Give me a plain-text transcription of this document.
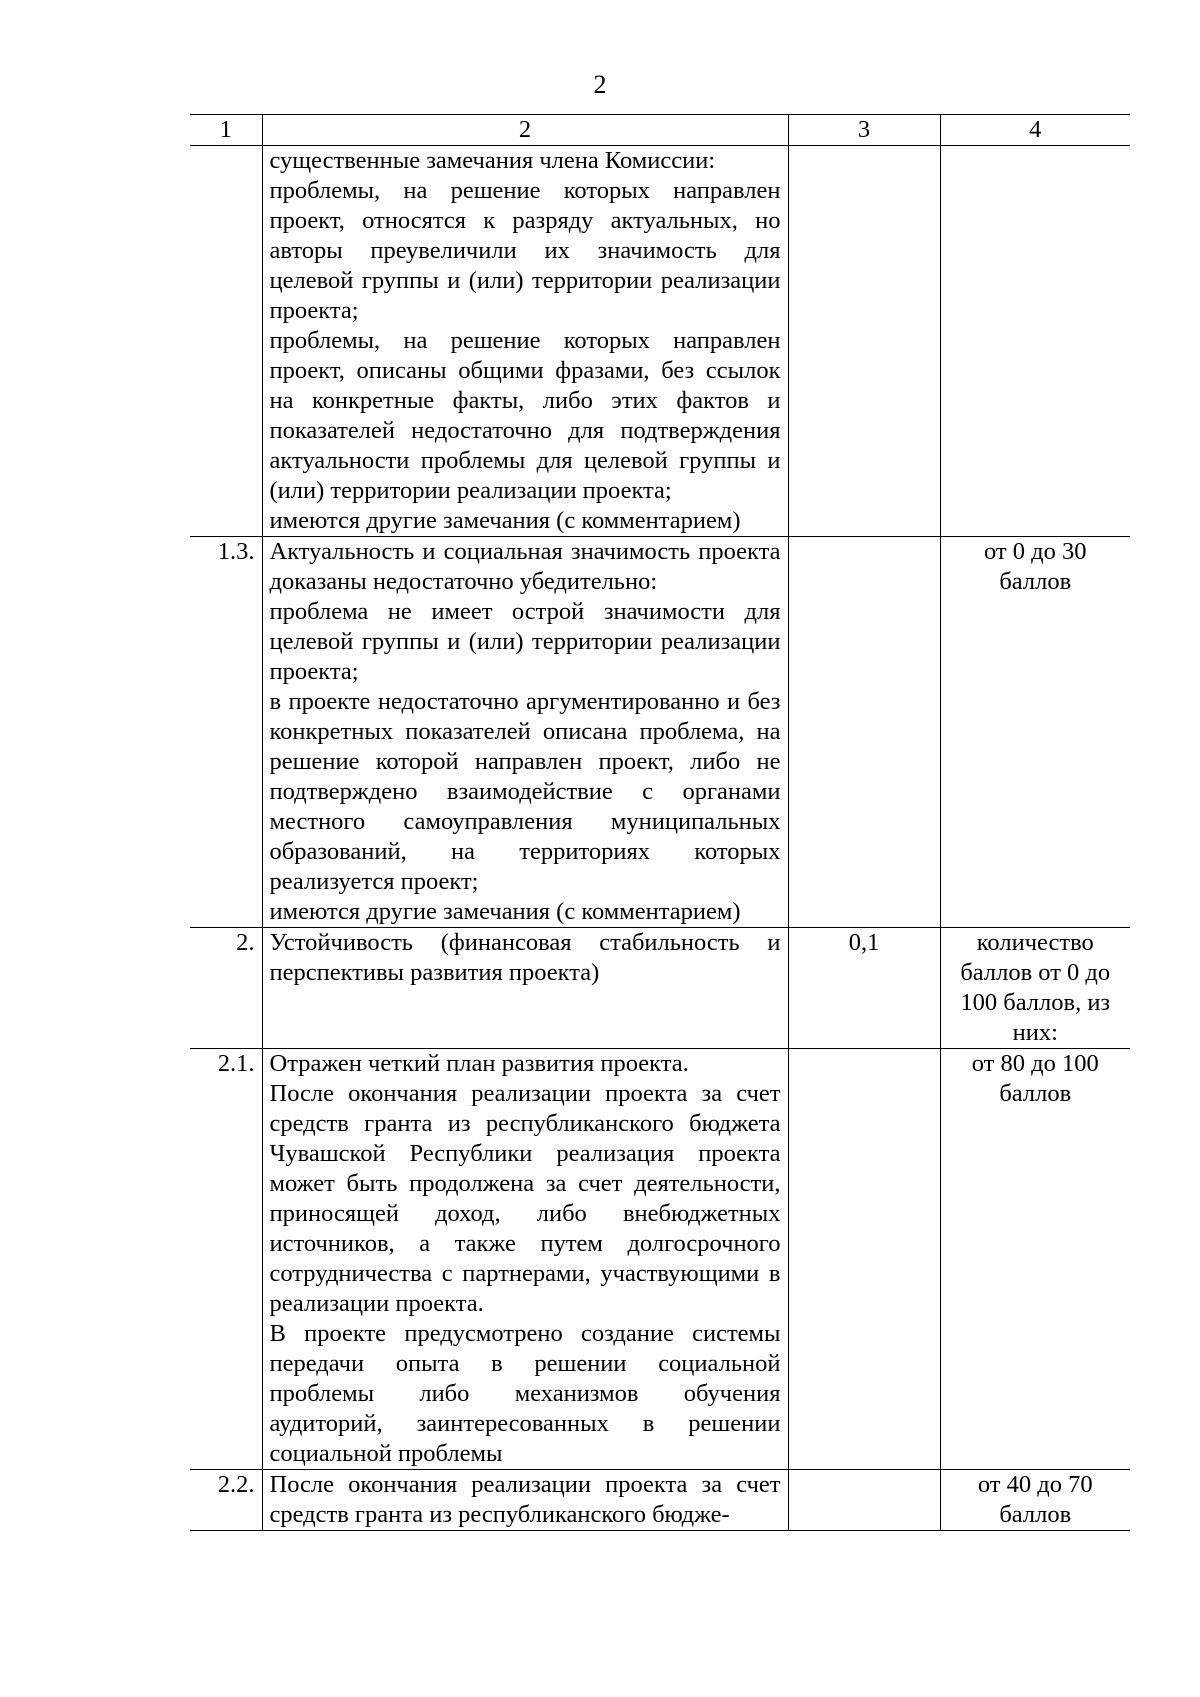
2
1	2	3	4

	существенные замечания члена Комиссии:

проблемы, на решение которых направлен проект, относятся к разряду актуальных, но авторы преувеличили их значимость для целевой группы и (или) территории реализации проекта;

проблемы, на решение которых направлен проект, описаны общими фразами, без ссылок на конкретные факты, либо этих фактов и показателей недостаточно для подтверждения актуальности проблемы для целевой группы и (или) территории реализации проекта;

имеются другие замечания (с комментарием)		

1.3.	Актуальность и социальная значимость проекта доказаны недостаточно убедительно:

проблема не имеет острой значимости для целевой группы и (или) территории реализации проекта;

в проекте недостаточно аргументированно и без конкретных показателей описана проблема, на решение которой направлен проект, либо не подтверждено взаимодействие с органами местного самоуправления муниципальных образований, на территориях которых реализуется проект;

имеются другие замечания (с комментарием)		от 0 до 30 баллов
2.	Устойчивость (финансовая стабильность и перспективы развития проекта)	0,1	количество баллов от 0 до 100 баллов, из них:
2.1.	Отражен четкий план развития проекта.

После окончания реализации проекта за счет средств гранта из республиканского бюджета Чувашской Республики реализация проекта может быть продолжена за счет деятельности, приносящей доход, либо внебюджетных источников, а также путем долгосрочного сотрудничества с партнерами, участвующими в реализации проекта.

В проекте предусмотрено создание системы передачи опыта в решении социальной проблемы либо механизмов обучения аудиторий, заинтересованных в решении социальной проблемы		от 80 до 100 баллов
2.2.	После окончания реализации проекта за счет средств гранта из республиканского бюдже-		от 40 до 70 баллов
